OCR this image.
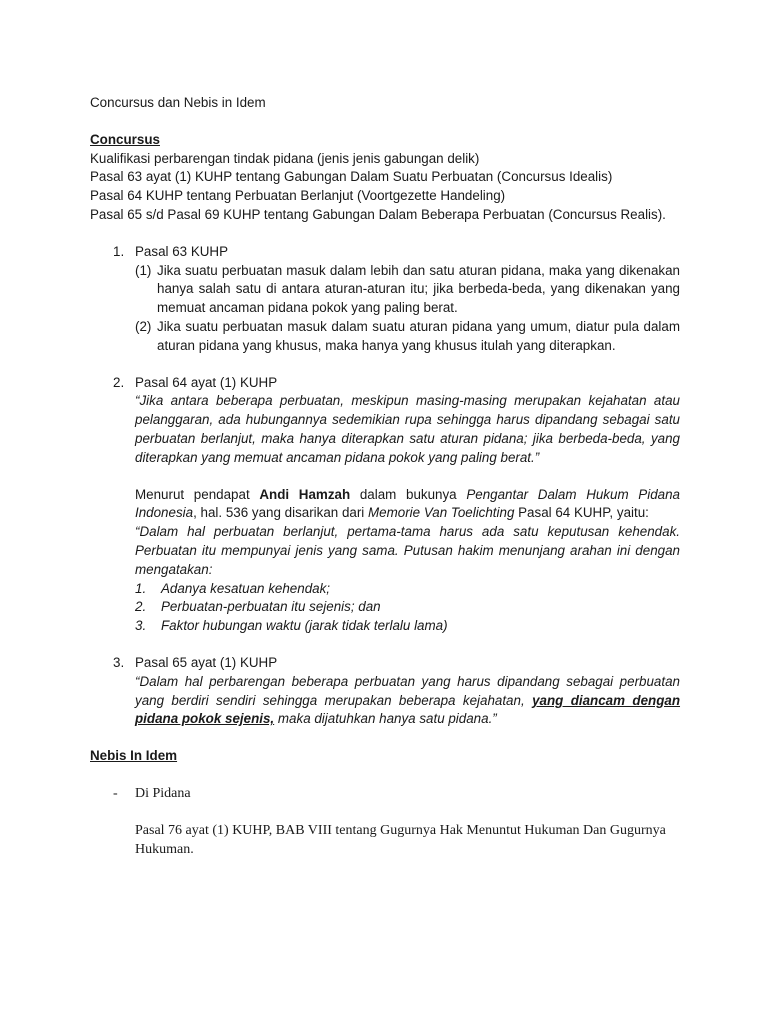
Concursus dan Nebis in Idem

Concursus

Kualifikasi perbarengan tindak pidana (jenis jenis gabungan delik)

Pasal 63 ayat (1) KUHP tentang Gabungan Dalam Suatu Perbuatan (Concursus Idealis)

Pasal 64 KUHP tentang Perbuatan Berlanjut (Voortgezette Handeling)

Pasal 65 s/d Pasal 69 KUHP tentang Gabungan Dalam Beberapa Perbuatan (Concursus Realis).

1. Pasal 63 KUHP
(1) Jika suatu perbuatan masuk dalam lebih dan satu aturan pidana, maka yang dikenakan hanya salah satu di antara aturan-aturan itu; jika berbeda-beda, yang dikenakan yang memuat ancaman pidana pokok yang paling berat.
(2) Jika suatu perbuatan masuk dalam suatu aturan pidana yang umum, diatur pula dalam aturan pidana yang khusus, maka hanya yang khusus itulah yang diterapkan.
2. Pasal 64 ayat (1) KUHP

“Jika antara beberapa perbuatan, meskipun masing-masing merupakan kejahatan atau pelanggaran, ada hubungannya sedemikian rupa sehingga harus dipandang sebagai satu perbuatan berlanjut, maka hanya diterapkan satu aturan pidana; jika berbeda-beda, yang diterapkan yang memuat ancaman pidana pokok yang paling berat.”

Menurut pendapat Andi Hamzah dalam bukunya Pengantar Dalam Hukum Pidana Indonesia, hal. 536 yang disarikan dari Memorie Van Toelichting Pasal 64 KUHP, yaitu:

“Dalam hal perbuatan berlanjut, pertama-tama harus ada satu keputusan kehendak. Perbuatan itu mempunyai jenis yang sama. Putusan hakim menunjang arahan ini dengan mengatakan:

1. Adanya kesatuan kehendak;
2. Perbuatan-perbuatan itu sejenis; dan
3. Faktor hubungan waktu (jarak tidak terlalu lama)
3. Pasal 65 ayat (1) KUHP

“Dalam hal perbarengan beberapa perbuatan yang harus dipandang sebagai perbuatan yang berdiri sendiri sehingga merupakan beberapa kejahatan, yang diancam dengan pidana pokok sejenis, maka dijatuhkan hanya satu pidana.”

Nebis In Idem

- Di Pidana

Pasal 76 ayat (1) KUHP, BAB VIII tentang Gugurnya Hak Menuntut Hukuman Dan Gugurnya Hukuman.
